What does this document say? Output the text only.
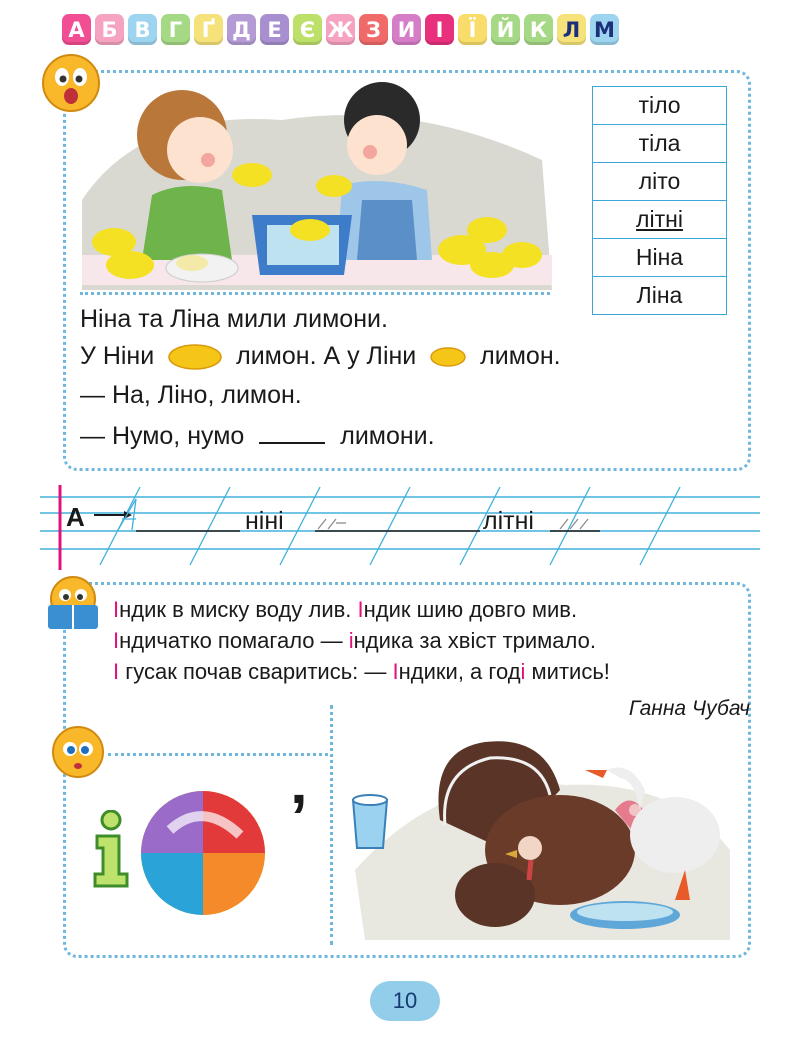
А Б В Г Ґ Д Е Є Ж З И І	Ї Й К Л М
тіло
тіла
літо
літні
Ніна
Ліна
Ніна та Ліна мили лимони.
У Ніни	лимон. А у Ліни	лимон.
— На, Ліно, лимон.
— Нумо, нумо	лимони.
А	ніні	літні
Індик в миску воду лив. Індик шию довго мив.
Індичатко помагало — індика за хвіст тримало.
І гусак почав сваритись: — Індики, а годі митись!
Ганна Чубач
’
10
